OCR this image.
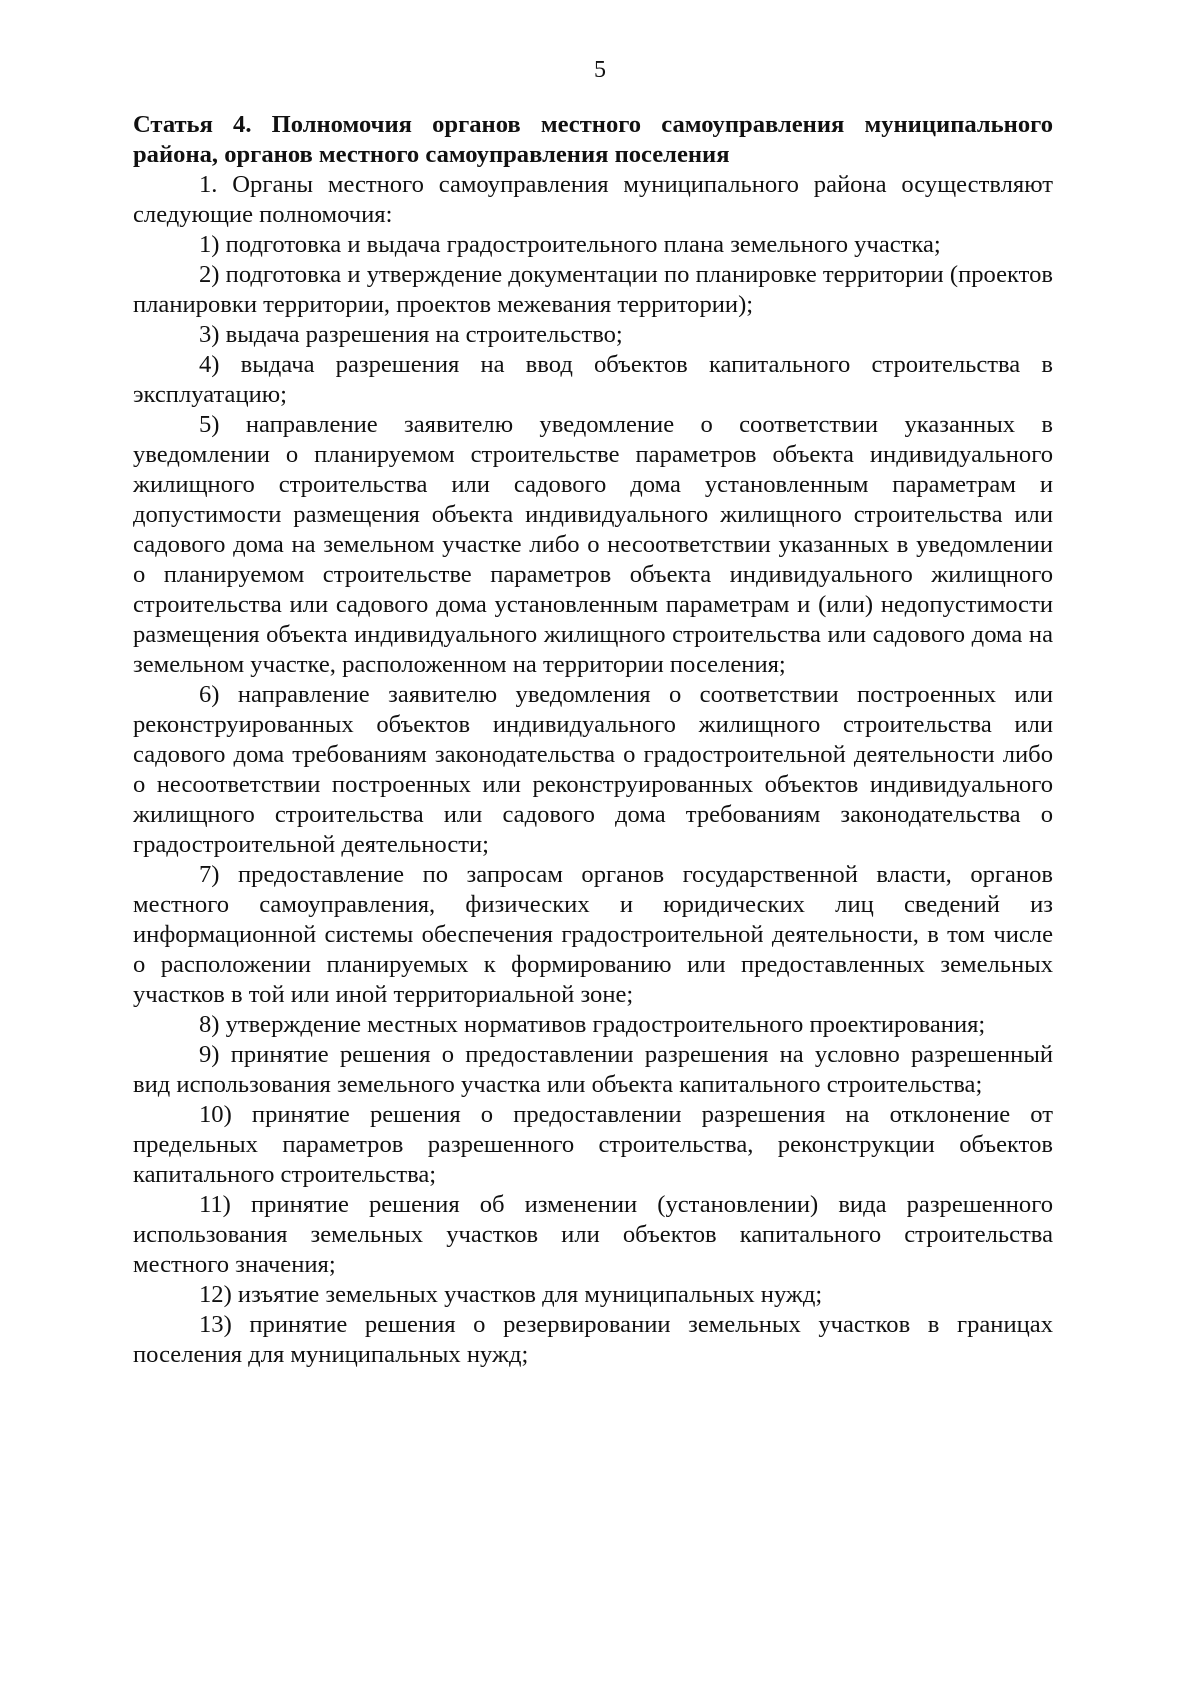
5

Статья 4. Полномочия органов местного самоуправления муниципального района, органов местного самоуправления поселения

1. Органы местного самоуправления муниципального района осуществляют следующие полномочия:

1) подготовка и выдача градостроительного плана земельного участка;

2) подготовка и утверждение документации по планировке территории (проектов планировки территории, проектов межевания территории);

3) выдача разрешения на строительство;

4) выдача разрешения на ввод объектов капитального строительства в эксплуатацию;

5) направление заявителю уведомление о соответствии указанных в уведомлении о планируемом строительстве параметров объекта индивидуального жилищного строительства или садового дома установленным параметрам и допустимости размещения объекта индивидуального жилищного строительства или садового дома на земельном участке либо о несоответствии указанных в уведомлении о планируемом строительстве параметров объекта индивидуального жилищного строительства или садового дома установленным параметрам и (или) недопустимости размещения объекта индивидуального жилищного строительства или садового дома на земельном участке, расположенном на территории поселения;

6) направление заявителю уведомления о соответствии построенных или реконструированных объектов индивидуального жилищного строительства или садового дома требованиям законодательства о градостроительной деятельности либо о несоответствии построенных или реконструированных объектов индивидуального жилищного строительства или садового дома требованиям законодательства о градостроительной деятельности;

7) предоставление по запросам органов государственной власти, органов местного самоуправления, физических и юридических лиц сведений из информационной системы обеспечения градостроительной деятельности, в том числе о расположении планируемых к формированию или предоставленных земельных участков в той или иной территориальной зоне;

8) утверждение местных нормативов градостроительного проектирования;

9) принятие решения о предоставлении разрешения на условно разрешенный вид использования земельного участка или объекта капитального строительства;

10) принятие решения о предоставлении разрешения на отклонение от предельных параметров разрешенного строительства, реконструкции объектов капитального строительства;

11) принятие решения об изменении (установлении) вида разрешенного использования земельных участков или объектов капитального строительства местного значения;

12) изъятие земельных участков для муниципальных нужд;

13) принятие решения о резервировании земельных участков в границах поселения для муниципальных нужд;
